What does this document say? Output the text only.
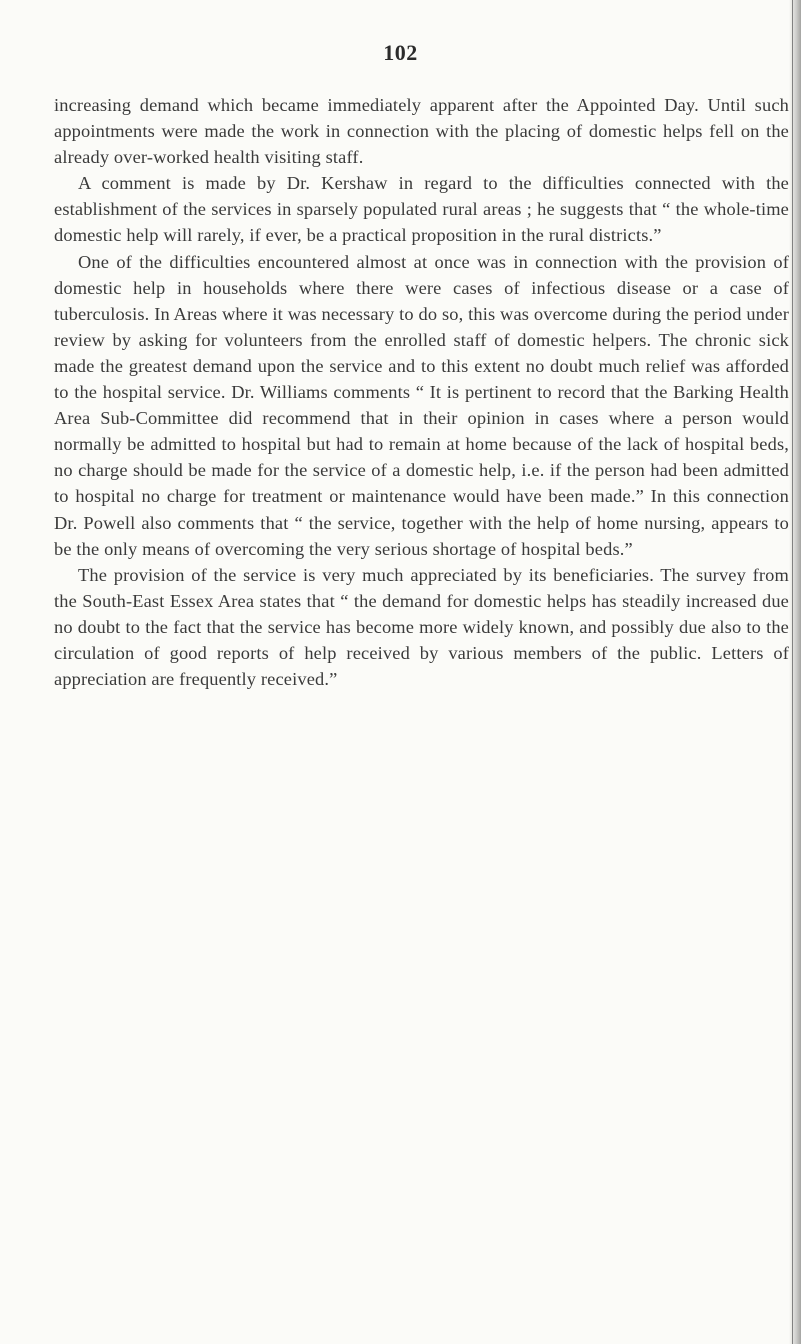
102

increasing demand which became immediately apparent after the Appointed Day. Until such appointments were made the work in connection with the placing of domestic helps fell on the already over-worked health visiting staff.

A comment is made by Dr. Kershaw in regard to the difficulties connected with the establishment of the services in sparsely populated rural areas ; he suggests that “ the whole-time domestic help will rarely, if ever, be a practical proposition in the rural districts.”

One of the difficulties encountered almost at once was in connection with the provision of domestic help in households where there were cases of infectious disease or a case of tuberculosis. In Areas where it was necessary to do so, this was overcome during the period under review by asking for volunteers from the enrolled staff of domestic helpers. The chronic sick made the greatest demand upon the service and to this extent no doubt much relief was afforded to the hospital service. Dr. Williams comments “ It is pertinent to record that the Barking Health Area Sub-Committee did recommend that in their opinion in cases where a person would normally be admitted to hospital but had to remain at home because of the lack of hospital beds, no charge should be made for the service of a domestic help, i.e. if the person had been admitted to hospital no charge for treatment or maintenance would have been made.” In this connection Dr. Powell also comments that “ the service, together with the help of home nursing, appears to be the only means of overcoming the very serious shortage of hospital beds.”

The provision of the service is very much appreciated by its beneficiaries. The survey from the South-East Essex Area states that “ the demand for domestic helps has steadily increased due no doubt to the fact that the service has become more widely known, and possibly due also to the circulation of good reports of help received by various members of the public. Letters of appreciation are frequently received.”
